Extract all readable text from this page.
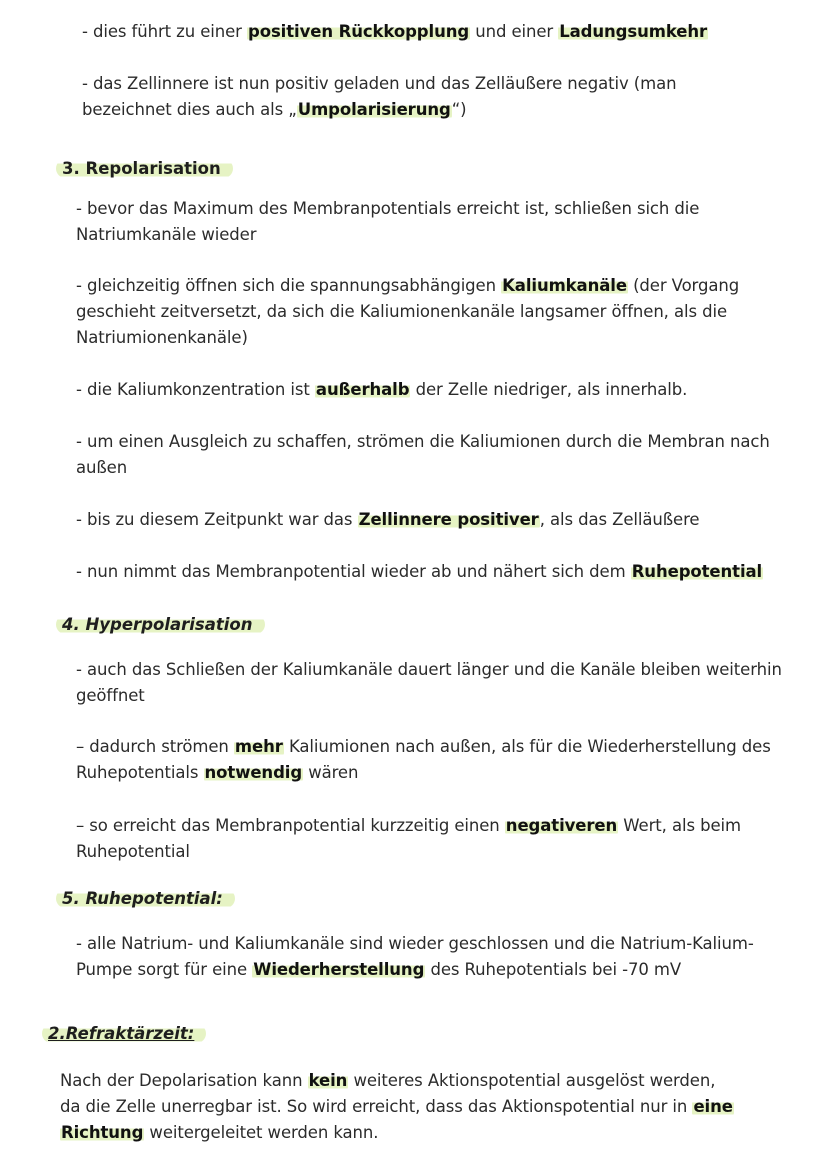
- dies führt zu einer positiven Rückkopplung und einer Ladungsumkehr
- das Zellinnere ist nun positiv geladen und das Zelläußere negativ (man
bezeichnet dies auch als „Umpolarisierung“)
3. Repolarisation
- bevor das Maximum des Membranpotentials erreicht ist, schließen sich die
Natriumkanäle wieder
- gleichzeitig öffnen sich die spannungsabhängigen Kaliumkanäle (der Vorgang
geschieht zeitversetzt, da sich die Kaliumionenkanäle langsamer öffnen, als die
Natriumionenkanäle)
- die Kaliumkonzentration ist außerhalb der Zelle niedriger, als innerhalb.
- um einen Ausgleich zu schaffen, strömen die Kaliumionen durch die Membran nach
außen
- bis zu diesem Zeitpunkt war das Zellinnere positiver, als das Zelläußere
- nun nimmt das Membranpotential wieder ab und nähert sich dem Ruhepotential
4. Hyperpolarisation
- auch das Schließen der Kaliumkanäle dauert länger und die Kanäle bleiben weiterhin
geöffnet
– dadurch strömen mehr Kaliumionen nach außen, als für die Wiederherstellung des
Ruhepotentials notwendig wären
– so erreicht das Membranpotential kurzzeitig einen negativeren Wert, als beim
Ruhepotential
5. Ruhepotential:
- alle Natrium- und Kaliumkanäle sind wieder geschlossen und die Natrium-Kalium-
Pumpe sorgt für eine Wiederherstellung des Ruhepotentials bei -70 mV
2.Refraktärzeit:
Nach der Depolarisation kann kein weiteres Aktionspotential ausgelöst werden,
da die Zelle unerregbar ist. So wird erreicht, dass das Aktionspotential nur in eine
Richtung weitergeleitet werden kann.
